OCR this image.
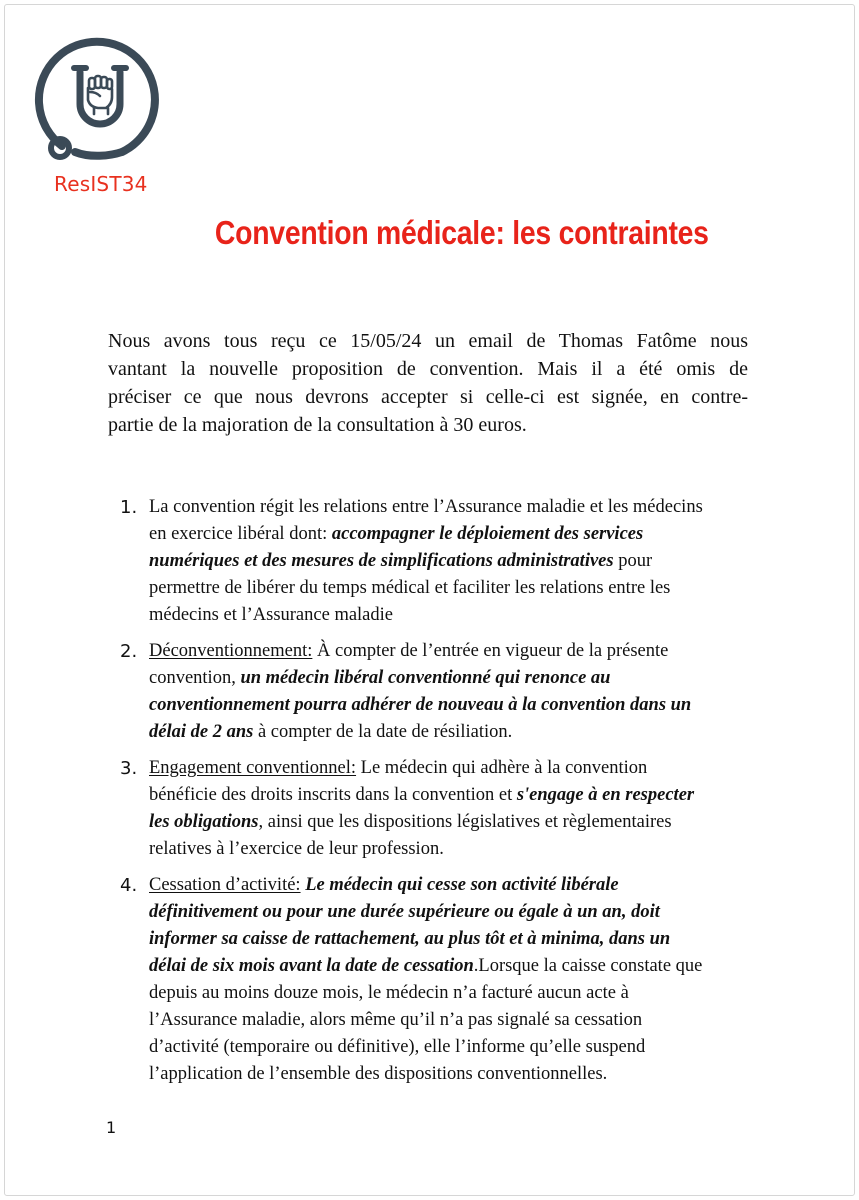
ResIST34
Convention médicale: les contraintes
Nous avons tous reçu ce 15/05/24 un email de Thomas Fatôme nous
vantant la nouvelle proposition de convention. Mais il a été omis de
préciser ce que nous devrons accepter si celle-ci est signée, en contre-
partie de la majoration de la consultation à 30 euros.
1. La convention régit les relations entre l’Assurance maladie et les médecins
en exercice libéral dont: accompagner le déploiement des services
numériques et des mesures de simplifications administratives pour
permettre de libérer du temps médical et faciliter les relations entre les
médecins et l’Assurance maladie
2. Déconventionnement: À compter de l’entrée en vigueur de la présente
convention, un médecin libéral conventionné qui renonce au
conventionnement pourra adhérer de nouveau à la convention dans un
délai de 2 ans à compter de la date de résiliation.
3. Engagement conventionnel: Le médecin qui adhère à la convention
bénéficie des droits inscrits dans la convention et s'engage à en respecter
les obligations, ainsi que les dispositions législatives et règlementaires
relatives à l’exercice de leur profession.
4. Cessation d’activité: Le médecin qui cesse son activité libérale
définitivement ou pour une durée supérieure ou égale à un an, doit
informer sa caisse de rattachement, au plus tôt et à minima, dans un
délai de six mois avant la date de cessation.Lorsque la caisse constate que
depuis au moins douze mois, le médecin n’a facturé aucun acte à
l’Assurance maladie, alors même qu’il n’a pas signalé sa cessation
d’activité (temporaire ou définitive), elle l’informe qu’elle suspend
l’application de l’ensemble des dispositions conventionnelles.
1
